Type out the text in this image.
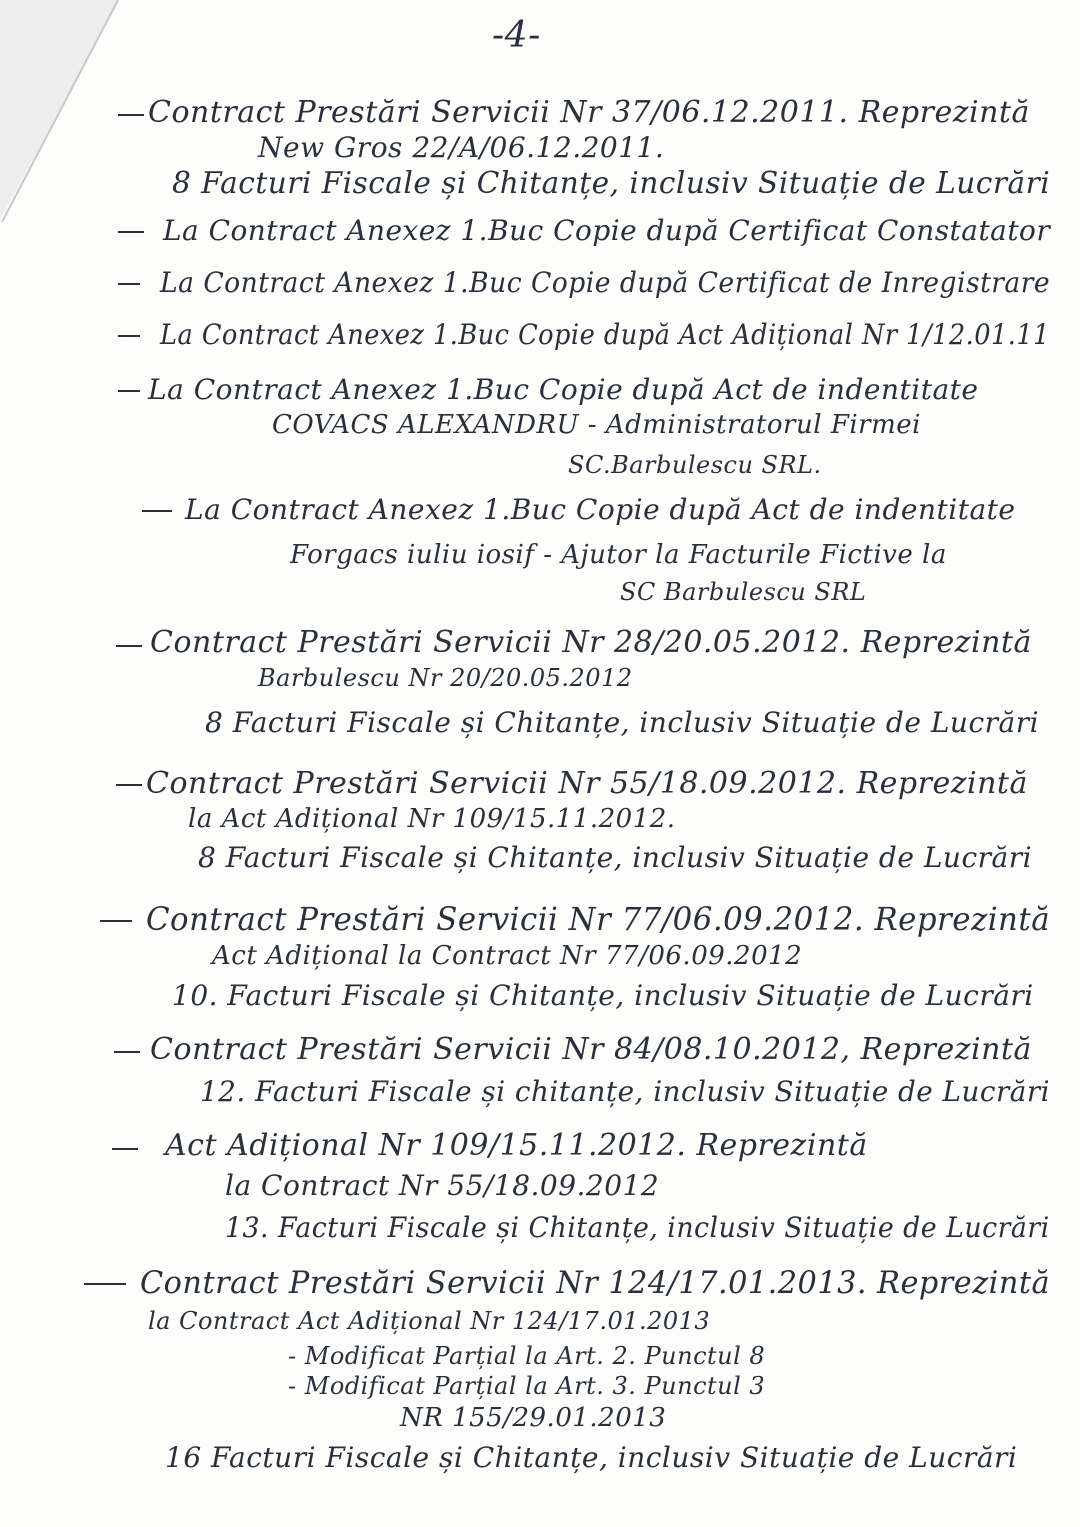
-4-
Contract Prestări Servicii Nr 37/06.12.2011. Reprezintă
New Gros 22/A/06.12.2011.
8 Facturi Fiscale și Chitanțe, inclusiv Situație de Lucrări
La Contract Anexez 1.Buc Copie după Certificat Constatator
La Contract Anexez 1.Buc Copie după Certificat de Inregistrare
La Contract Anexez 1.Buc Copie după Act Adițional Nr 1/12.01.11
La Contract Anexez 1.Buc Copie după Act de indentitate
COVACS ALEXANDRU - Administratorul Firmei
SC.Barbulescu SRL.
La Contract Anexez 1.Buc Copie după Act de indentitate
Forgacs iuliu iosif - Ajutor la Facturile Fictive la
SC Barbulescu SRL
Contract Prestări Servicii Nr 28/20.05.2012. Reprezintă
Barbulescu Nr 20/20.05.2012
8 Facturi Fiscale și Chitanțe, inclusiv Situație de Lucrări
Contract Prestări Servicii Nr 55/18.09.2012. Reprezintă
la Act Adițional Nr 109/15.11.2012.
8 Facturi Fiscale și Chitanțe, inclusiv Situație de Lucrări
Contract Prestări Servicii Nr 77/06.09.2012. Reprezintă
Act Adițional la Contract Nr 77/06.09.2012
10. Facturi Fiscale și Chitanțe, inclusiv Situație de Lucrări
Contract Prestări Servicii Nr 84/08.10.2012, Reprezintă
12. Facturi Fiscale și chitanțe, inclusiv Situație de Lucrări
Act Adițional Nr 109/15.11.2012. Reprezintă
la Contract Nr 55/18.09.2012
13. Facturi Fiscale și Chitanțe, inclusiv Situație de Lucrări
Contract Prestări Servicii Nr 124/17.01.2013. Reprezintă
la Contract Act Adițional Nr 124/17.01.2013
- Modificat Parțial la Art. 2. Punctul 8
- Modificat Parțial la Art. 3. Punctul 3
NR 155/29.01.2013
16 Facturi Fiscale și Chitanțe, inclusiv Situație de Lucrări
